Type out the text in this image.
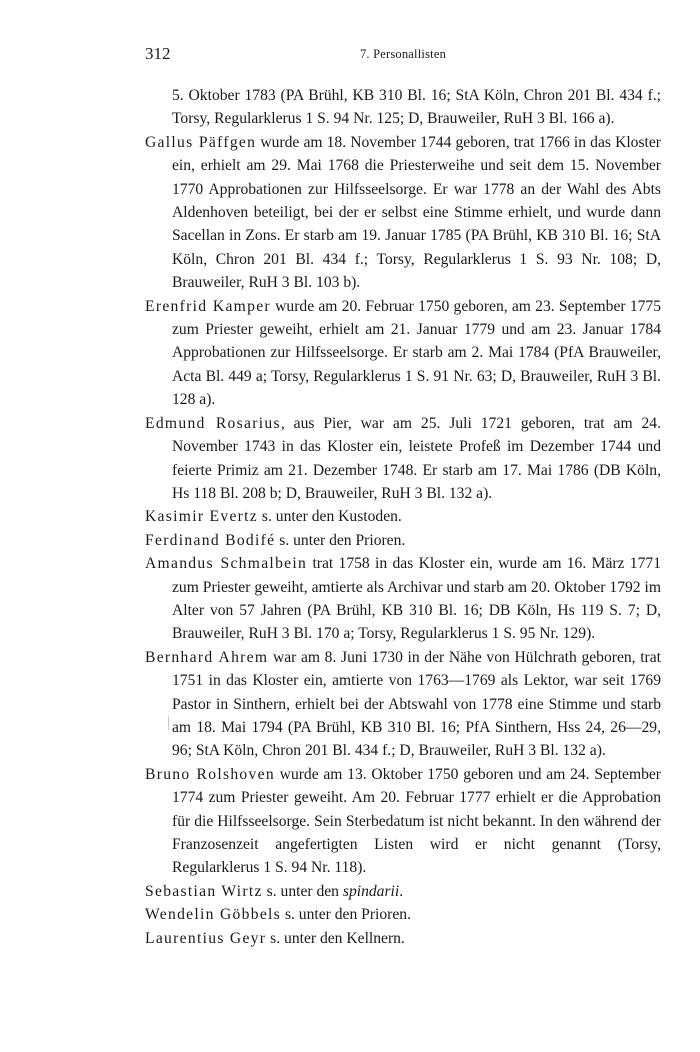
312	7. Personallisten

5. Oktober 1783 (PA Brühl, KB 310 Bl. 16; StA Köln, Chron 201 Bl. 434 f.; Torsy, Regularklerus 1 S. 94 Nr. 125; D, Brauweiler, RuH 3 Bl. 166 a).

Gallus Päffgen wurde am 18. November 1744 geboren, trat 1766 in das Kloster ein, erhielt am 29. Mai 1768 die Priesterweihe und seit dem 15. November 1770 Approbationen zur Hilfsseelsorge. Er war 1778 an der Wahl des Abts Aldenhoven beteiligt, bei der er selbst eine Stimme erhielt, und wurde dann Sacellan in Zons. Er starb am 19. Januar 1785 (PA Brühl, KB 310 Bl. 16; StA Köln, Chron 201 Bl. 434 f.; Torsy, Regularklerus 1 S. 93 Nr. 108; D, Brauweiler, RuH 3 Bl. 103 b).

Erenfrid Kamper wurde am 20. Februar 1750 geboren, am 23. September 1775 zum Priester geweiht, erhielt am 21. Januar 1779 und am 23. Januar 1784 Approbationen zur Hilfsseelsorge. Er starb am 2. Mai 1784 (PfA Brauweiler, Acta Bl. 449 a; Torsy, Regularklerus 1 S. 91 Nr. 63; D, Brauweiler, RuH 3 Bl. 128 a).

Edmund Rosarius, aus Pier, war am 25. Juli 1721 geboren, trat am 24. November 1743 in das Kloster ein, leistete Profeß im Dezember 1744 und feierte Primiz am 21. Dezember 1748. Er starb am 17. Mai 1786 (DB Köln, Hs 118 Bl. 208 b; D, Brauweiler, RuH 3 Bl. 132 a).

Kasimir Evertz s. unter den Kustoden.

Ferdinand Bodifé s. unter den Prioren.

Amandus Schmalbein trat 1758 in das Kloster ein, wurde am 16. März 1771 zum Priester geweiht, amtierte als Archivar und starb am 20. Oktober 1792 im Alter von 57 Jahren (PA Brühl, KB 310 Bl. 16; DB Köln, Hs 119 S. 7; D, Brauweiler, RuH 3 Bl. 170 a; Torsy, Regularklerus 1 S. 95 Nr. 129).

Bernhard Ahrem war am 8. Juni 1730 in der Nähe von Hülchrath geboren, trat 1751 in das Kloster ein, amtierte von 1763—1769 als Lektor, war seit 1769 Pastor in Sinthern, erhielt bei der Abtswahl von 1778 eine Stimme und starb am 18. Mai 1794 (PA Brühl, KB 310 Bl. 16; PfA Sinthern, Hss 24, 26—29, 96; StA Köln, Chron 201 Bl. 434 f.; D, Brauweiler, RuH 3 Bl. 132 a).

Bruno Rolshoven wurde am 13. Oktober 1750 geboren und am 24. September 1774 zum Priester geweiht. Am 20. Februar 1777 erhielt er die Approbation für die Hilfsseelsorge. Sein Sterbedatum ist nicht bekannt. In den während der Franzosenzeit angefertigten Listen wird er nicht genannt (Torsy, Regularklerus 1 S. 94 Nr. 118).

Sebastian Wirtz s. unter den spindarii.

Wendelin Göbbels s. unter den Prioren.

Laurentius Geyr s. unter den Kellnern.
